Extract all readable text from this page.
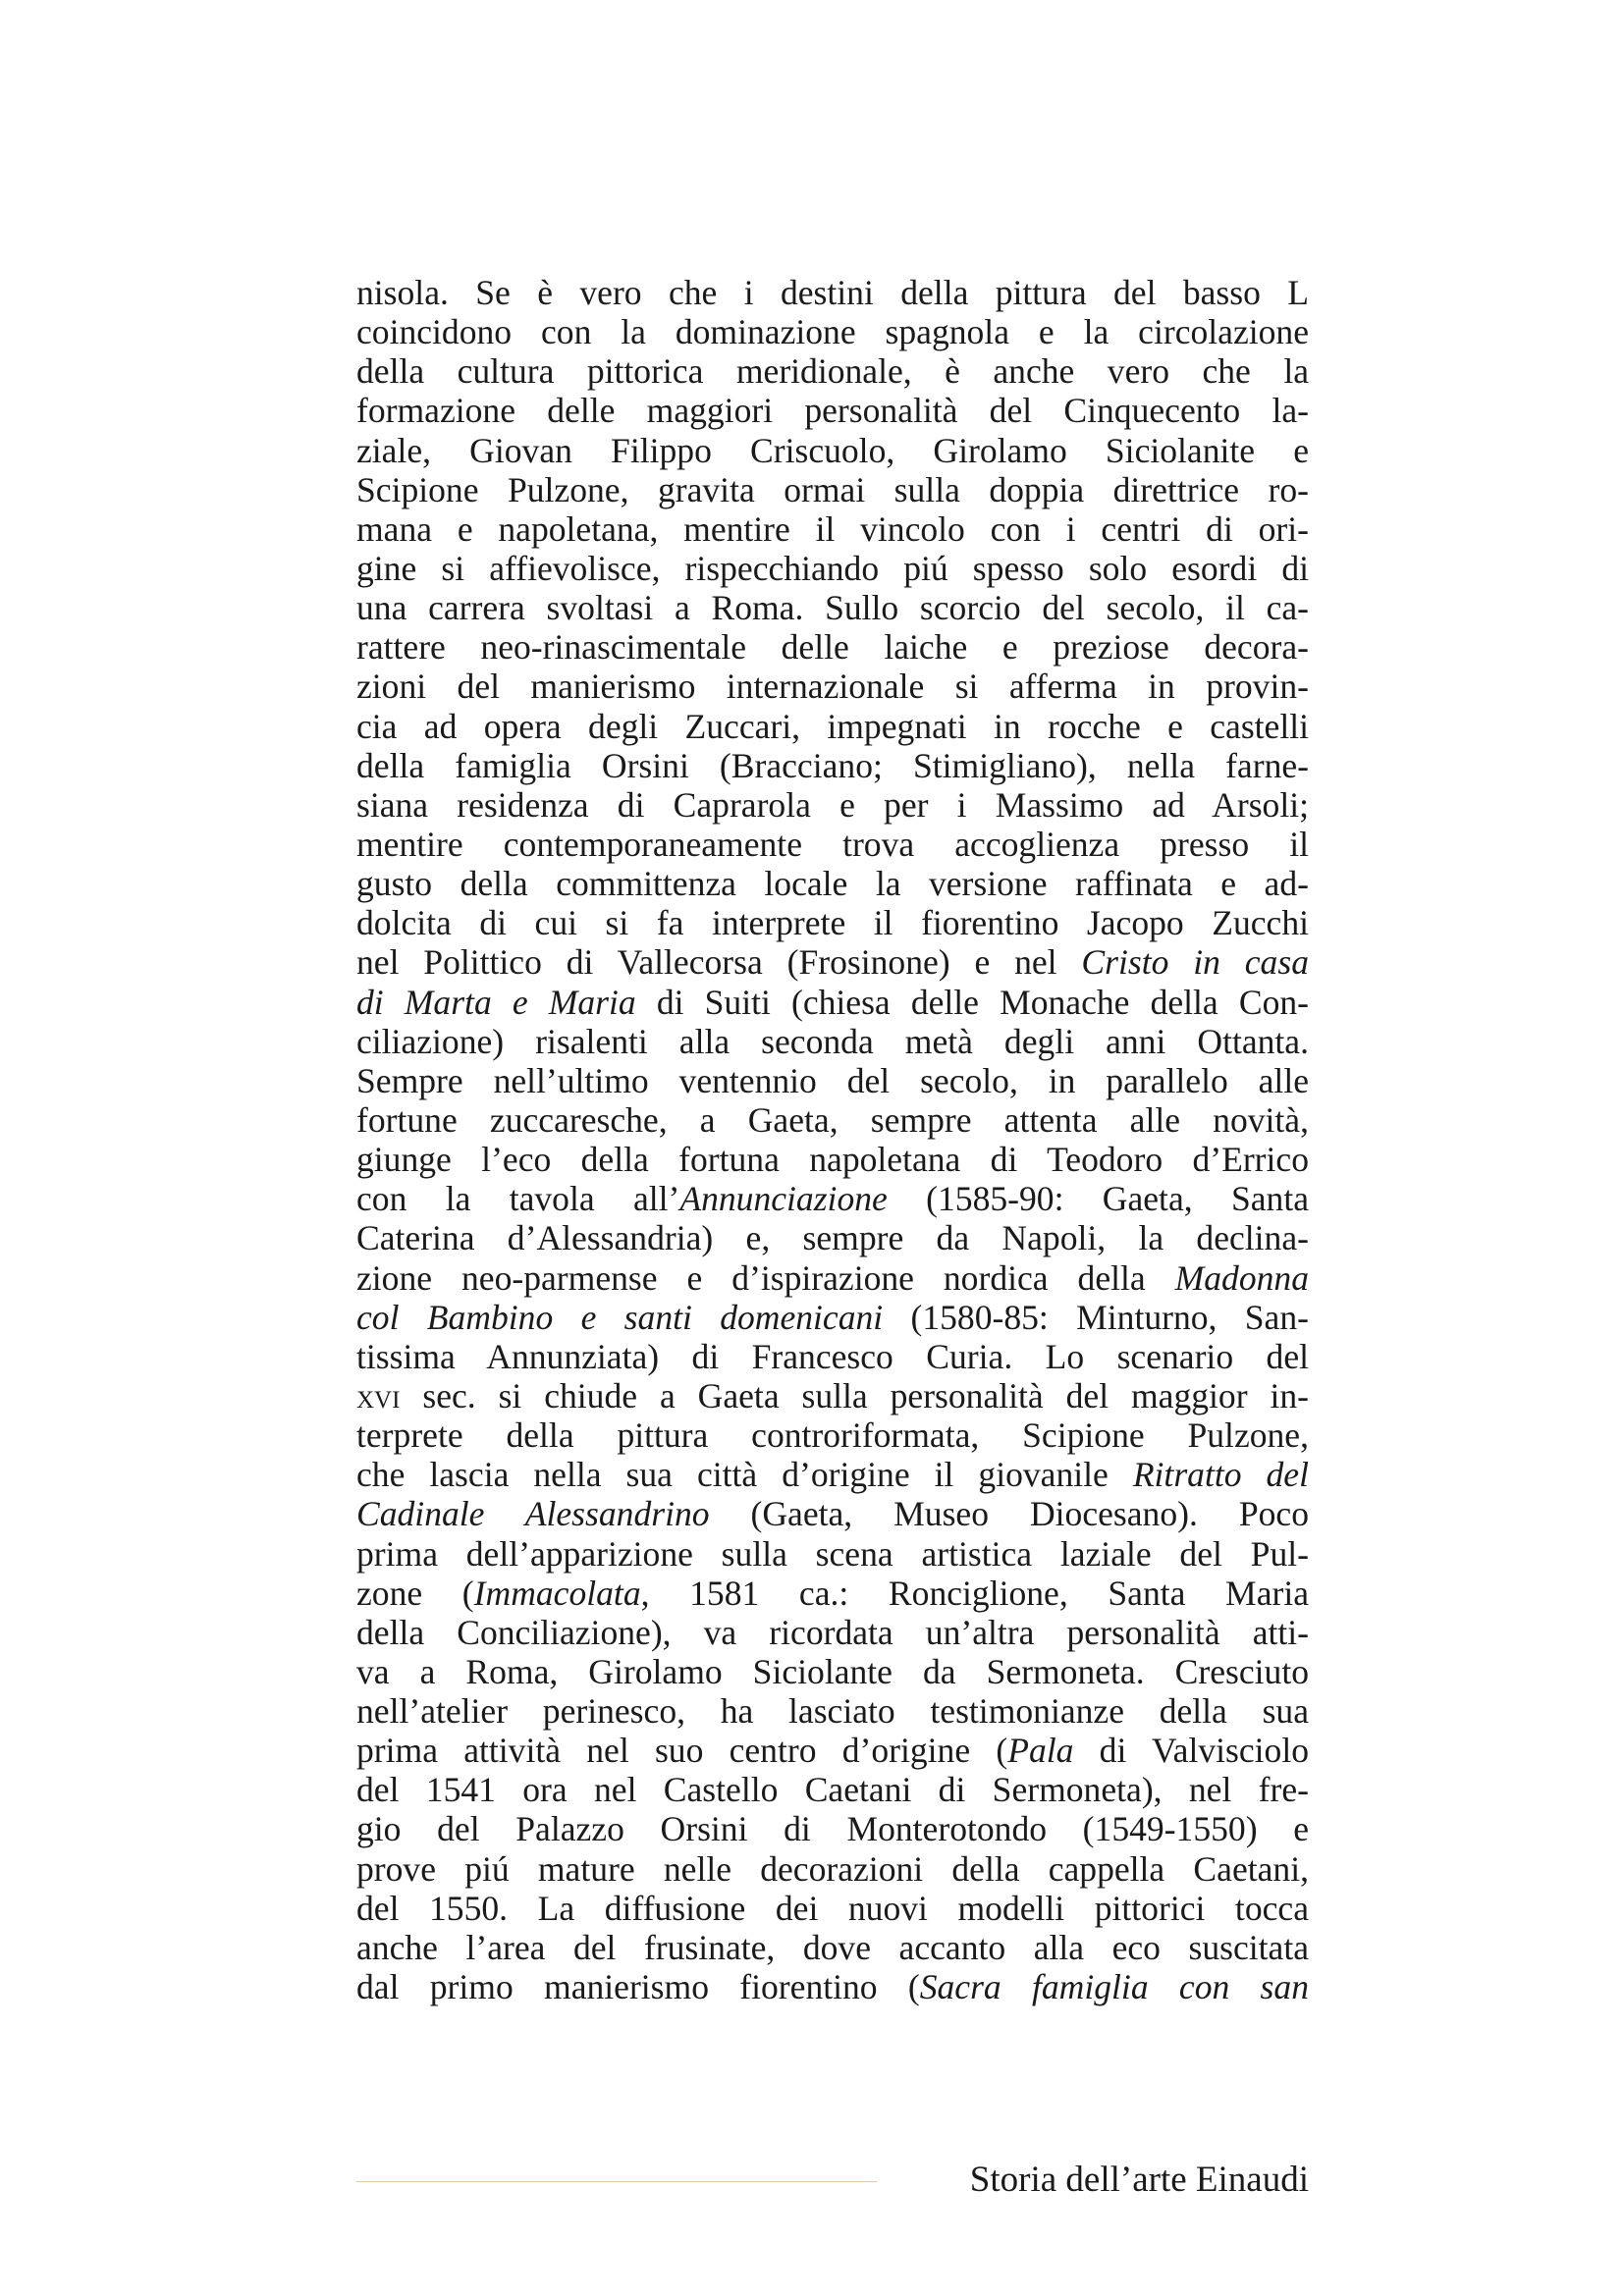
nisola. Se è vero che i destini della pittura del basso L
coincidono con la dominazione spagnola e la circolazione
della cultura pittorica meridionale, è anche vero che la
formazione delle maggiori personalità del Cinquecento la-
ziale, Giovan Filippo Criscuolo, Girolamo Siciolanite e
Scipione Pulzone, gravita ormai sulla doppia direttrice ro-
mana e napoletana, mentire il vincolo con i centri di ori-
gine si affievolisce, rispecchiando piú spesso solo esordi di
una carrera svoltasi a Roma. Sullo scorcio del secolo, il ca-
rattere neo-rinascimentale delle laiche e preziose decora-
zioni del manierismo internazionale si afferma in provin-
cia ad opera degli Zuccari, impegnati in rocche e castelli
della famiglia Orsini (Bracciano; Stimigliano), nella farne-
siana residenza di Caprarola e per i Massimo ad Arsoli;
mentire contemporaneamente trova accoglienza presso il
gusto della committenza locale la versione raffinata e ad-
dolcita di cui si fa interprete il fiorentino Jacopo Zucchi
nel Polittico di Vallecorsa (Frosinone) e nel Cristo in casa
di Marta e Maria di Suiti (chiesa delle Monache della Con-
ciliazione) risalenti alla seconda metà degli anni Ottanta.
Sempre nell’ultimo ventennio del secolo, in parallelo alle
fortune zuccaresche, a Gaeta, sempre attenta alle novità,
giunge l’eco della fortuna napoletana di Teodoro d’Errico
con la tavola all’Annunciazione (1585-90: Gaeta, Santa
Caterina d’Alessandria) e, sempre da Napoli, la declina-
zione neo-parmense e d’ispirazione nordica della Madonna
col Bambino e santi domenicani (1580-85: Minturno, San-
tissima Annunziata) di Francesco Curia. Lo scenario del
xvi sec. si chiude a Gaeta sulla personalità del maggior in-
terprete della pittura controriformata, Scipione Pulzone,
che lascia nella sua città d’origine il giovanile Ritratto del
Cadinale Alessandrino (Gaeta, Museo Diocesano). Poco
prima dell’apparizione sulla scena artistica laziale del Pul-
zone (Immacolata, 1581 ca.: Ronciglione, Santa Maria
della Conciliazione), va ricordata un’altra personalità atti-
va a Roma, Girolamo Siciolante da Sermoneta. Cresciuto
nell’atelier perinesco, ha lasciato testimonianze della sua
prima attività nel suo centro d’origine (Pala di Valvisciolo
del 1541 ora nel Castello Caetani di Sermoneta), nel fre-
gio del Palazzo Orsini di Monterotondo (1549-1550) e
prove piú mature nelle decorazioni della cappella Caetani,
del 1550. La diffusione dei nuovi modelli pittorici tocca
anche l’area del frusinate, dove accanto alla eco suscitata
dal primo manierismo fiorentino (Sacra famiglia con san
Storia dell’arte Einaudi
